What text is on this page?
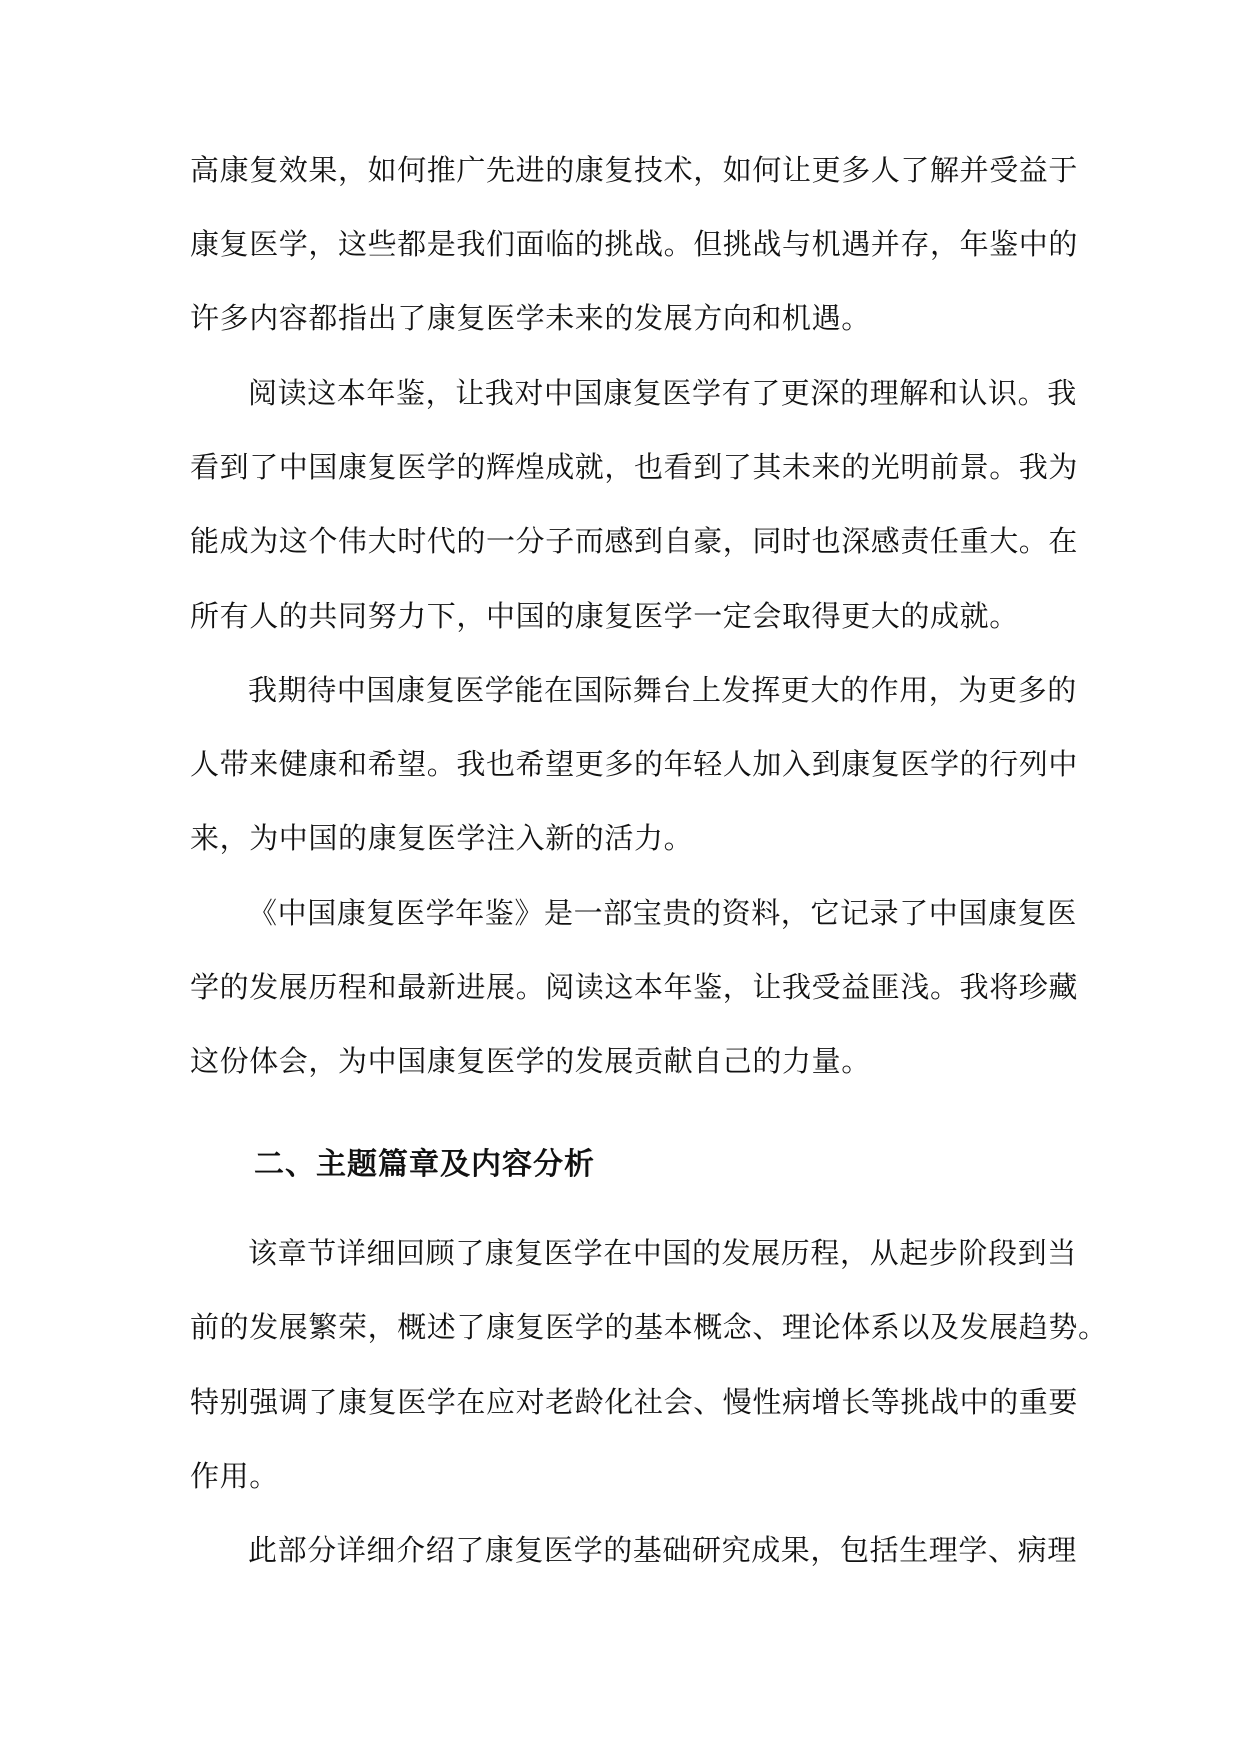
高康复效果，如何推广先进的康复技术，如何让更多人了解并受益于
康复医学，这些都是我们面临的挑战。但挑战与机遇并存，年鉴中的
许多内容都指出了康复医学未来的发展方向和机遇。
阅读这本年鉴，让我对中国康复医学有了更深的理解和认识。我
看到了中国康复医学的辉煌成就，也看到了其未来的光明前景。我为
能成为这个伟大时代的一分子而感到自豪，同时也深感责任重大。在
所有人的共同努力下，中国的康复医学一定会取得更大的成就。
我期待中国康复医学能在国际舞台上发挥更大的作用，为更多的
人带来健康和希望。我也希望更多的年轻人加入到康复医学的行列中
来，为中国的康复医学注入新的活力。
《中国康复医学年鉴》是一部宝贵的资料，它记录了中国康复医
学的发展历程和最新进展。阅读这本年鉴，让我受益匪浅。我将珍藏
这份体会，为中国康复医学的发展贡献自己的力量。
二、主题篇章及内容分析
该章节详细回顾了康复医学在中国的发展历程，从起步阶段到当
前的发展繁荣，概述了康复医学的基本概念、理论体系以及发展趋势。
特别强调了康复医学在应对老龄化社会、慢性病增长等挑战中的重要
作用。
此部分详细介绍了康复医学的基础研究成果，包括生理学、病理
